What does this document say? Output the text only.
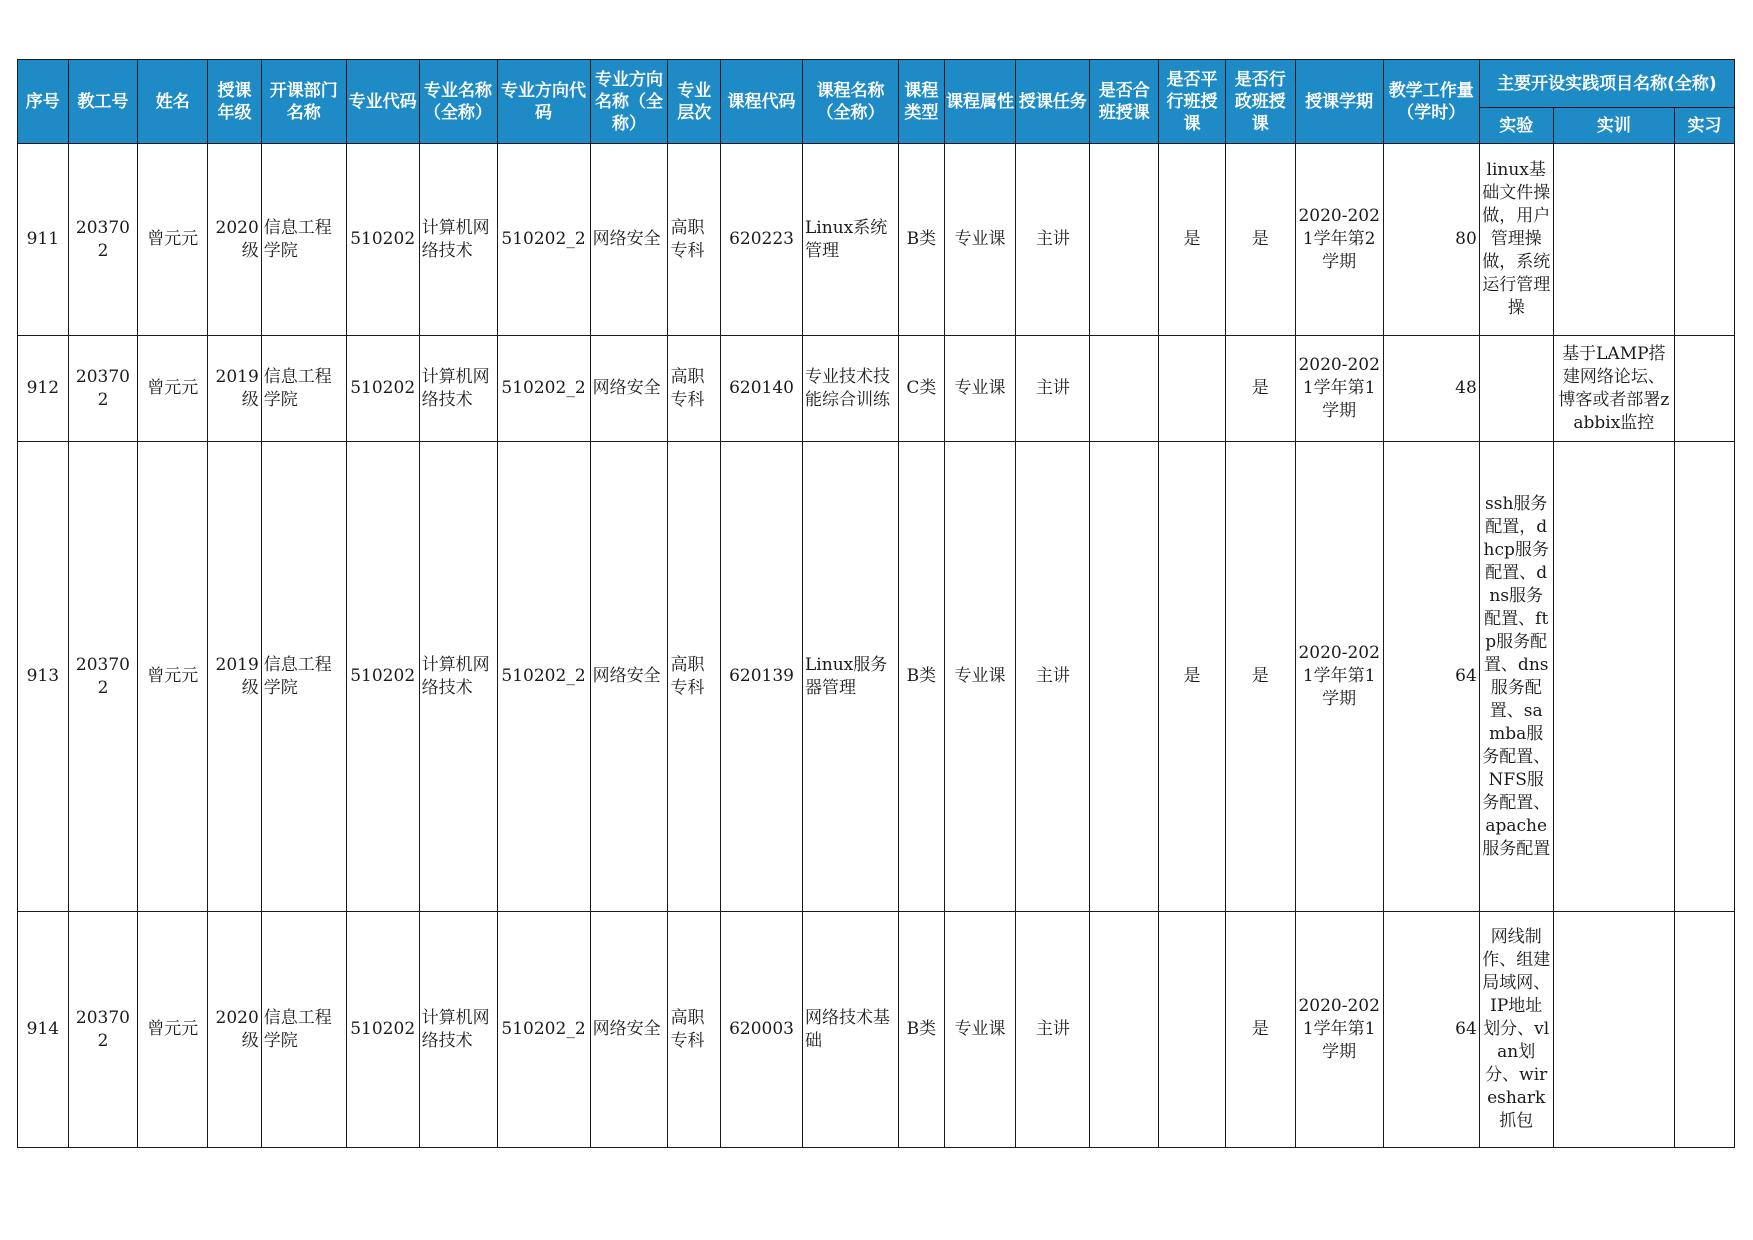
序号	教工号	姓名	授课年级	开课部门名称	专业代码	专业名称（全称）	专业方向代码	专业方向名称（全称）	专业层次	课程代码	课程名称（全称）	课程类型	课程属性	授课任务	是否合班授课	是否平行班授课	是否行政班授课	授课学期	教学工作量（学时）	主要开设实践项目名称(全称)		
																				实验	实训	实习
911	203702	曾元元	2020级	信息工程学院	510202	计算机网络技术	510202_2	网络安全	高职专科	620223	Linux系统管理	B类	专业课	主讲		是	是	2020-2021学年第2学期	80	linux基础文件操做，用户管理操做，系统运行管理操		
912	203702	曾元元	2019级	信息工程学院	510202	计算机网络技术	510202_2	网络安全	高职专科	620140	专业技术技能综合训练	C类	专业课	主讲			是	2020-2021学年第1学期	48		基于LAMP搭建网络论坛、博客或者部署zabbix监控	
913	203702	曾元元	2019级	信息工程学院	510202	计算机网络技术	510202_2	网络安全	高职专科	620139	Linux服务器管理	B类	专业课	主讲		是	是	2020-2021学年第1学期	64	ssh服务配置，dhcp服务配置、dns服务配置、ftp服务配置、dns服务配置、samba服务配置、NFS服务配置、apache服务配置		
914	203702	曾元元	2020级	信息工程学院	510202	计算机网络技术	510202_2	网络安全	高职专科	620003	网络技术基础	B类	专业课	主讲			是	2020-2021学年第1学期	64	网线制作、组建局域网、IP地址划分、vlan划分、wireshark抓包		
